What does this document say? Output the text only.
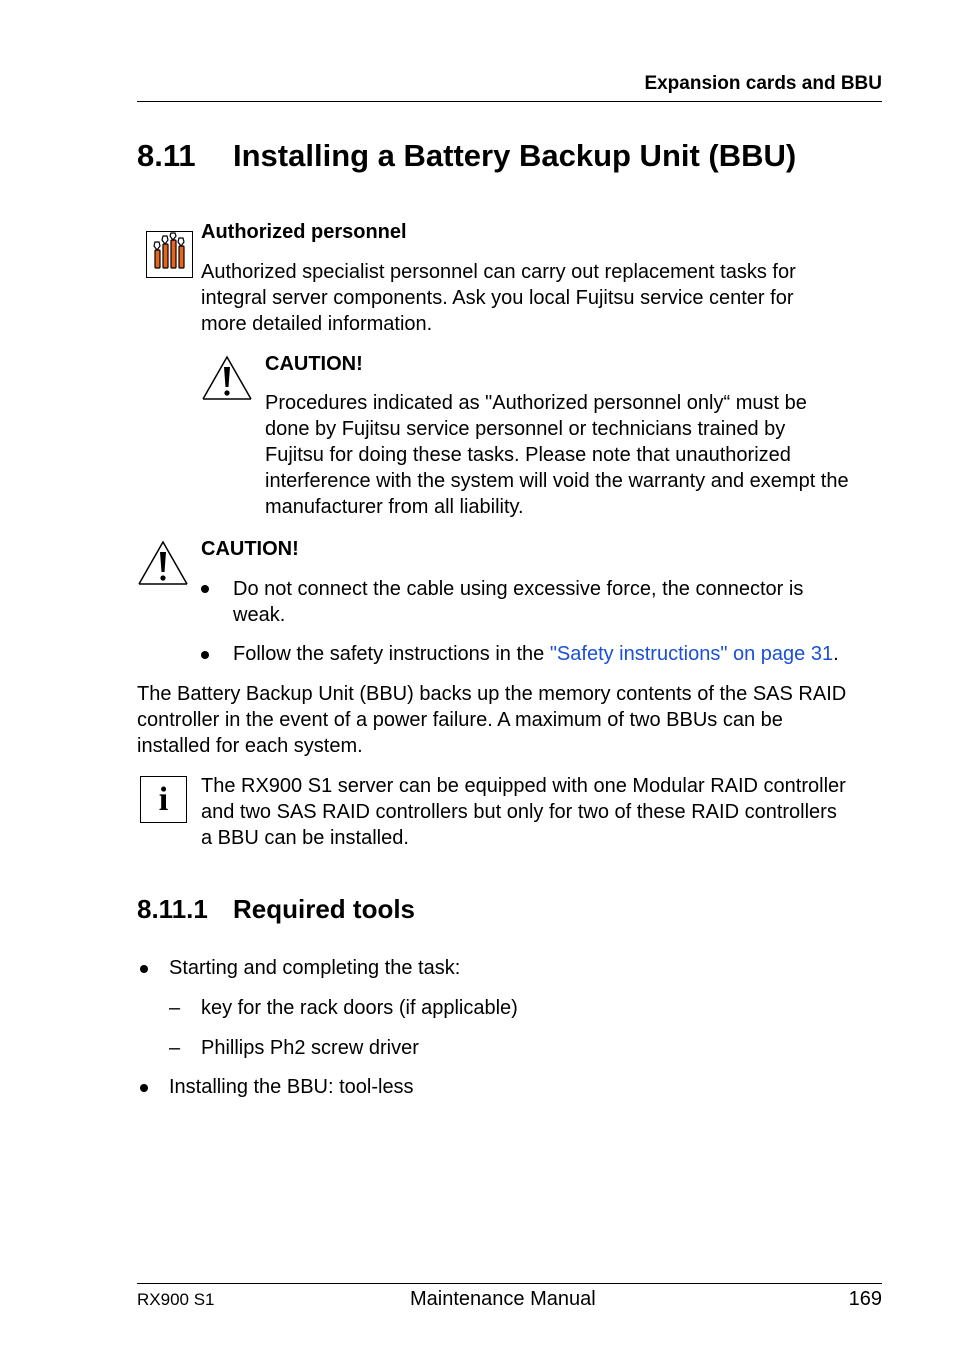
Expansion cards and BBU
8.11 Installing a Battery Backup Unit (BBU)
Authorized personnel
Authorized specialist personnel can carry out replacement tasks for
integral server components. Ask you local Fujitsu service center for
more detailed information.
CAUTION!
Procedures indicated as "Authorized personnel only“ must be
done by Fujitsu service personnel or technicians trained by
Fujitsu for doing these tasks. Please note that unauthorized
interference with the system will void the warranty and exempt the
manufacturer from all liability.
CAUTION!
Do not connect the cable using excessive force, the connector is
weak.
Follow the safety instructions in the "Safety instructions" on page 31.
The Battery Backup Unit (BBU) backs up the memory contents of the SAS RAID
controller in the event of a power failure. A maximum of two BBUs can be
installed for each system.
i The RX900 S1 server can be equipped with one Modular RAID controller
and two SAS RAID controllers but only for two of these RAID controllers
a BBU can be installed.
8.11.1 Required tools
Starting and completing the task:
– key for the rack doors (if applicable)
– Phillips Ph2 screw driver
Installing the BBU: tool-less
RX900 S1	Maintenance Manual	169
